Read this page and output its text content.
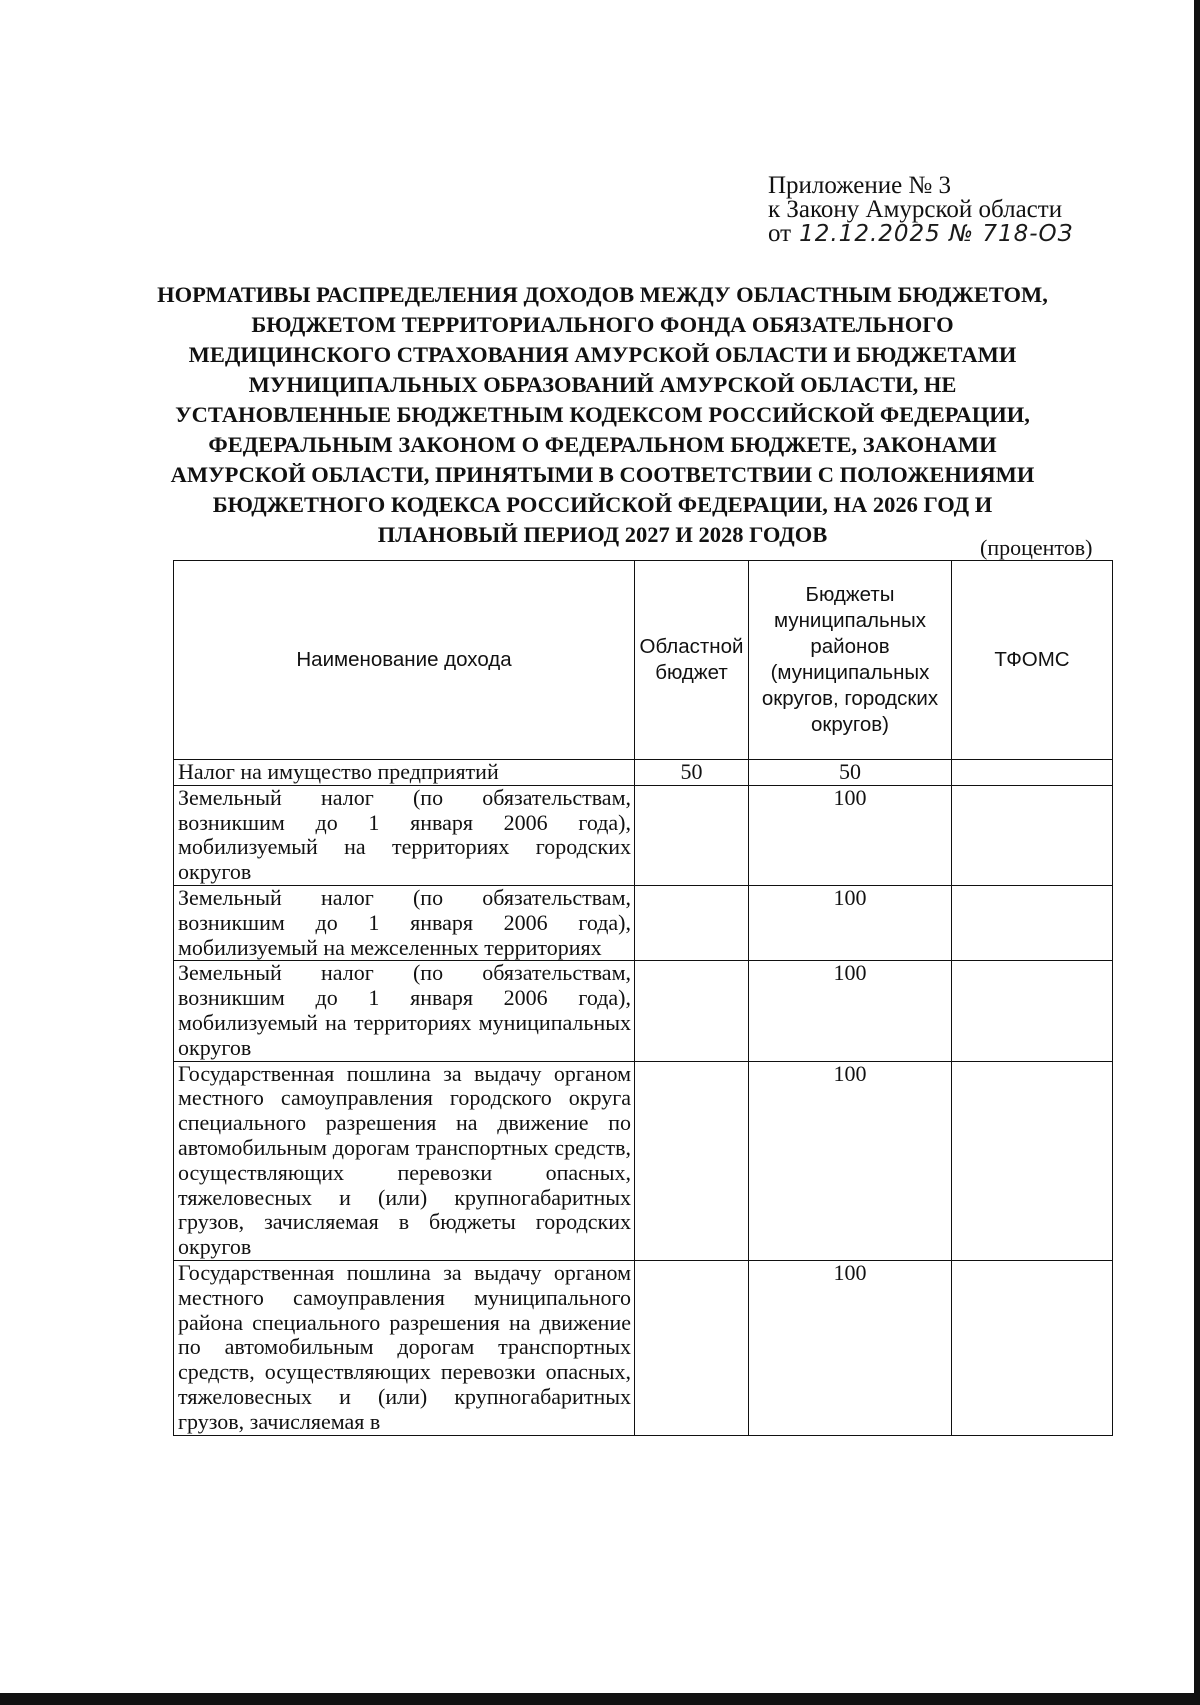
Приложение № 3
к Закону Амурской области
от 12.12.2025 № 718-ОЗ
НОРМАТИВЫ РАСПРЕДЕЛЕНИЯ ДОХОДОВ МЕЖДУ ОБЛАСТНЫМ БЮДЖЕТОМ, БЮДЖЕТОМ ТЕРРИТОРИАЛЬНОГО ФОНДА ОБЯЗАТЕЛЬНОГО МЕДИЦИНСКОГО СТРАХОВАНИЯ АМУРСКОЙ ОБЛАСТИ И БЮДЖЕТАМИ МУНИЦИПАЛЬНЫХ ОБРАЗОВАНИЙ АМУРСКОЙ ОБЛАСТИ, НЕ УСТАНОВЛЕННЫЕ БЮДЖЕТНЫМ КОДЕКСОМ РОССИЙСКОЙ ФЕДЕРАЦИИ, ФЕДЕРАЛЬНЫМ ЗАКОНОМ О ФЕДЕРАЛЬНОМ БЮДЖЕТЕ, ЗАКОНАМИ АМУРСКОЙ ОБЛАСТИ, ПРИНЯТЫМИ В СООТВЕТСТВИИ С ПОЛОЖЕНИЯМИ БЮДЖЕТНОГО КОДЕКСА РОССИЙСКОЙ ФЕДЕРАЦИИ, НА 2026 ГОД И ПЛАНОВЫЙ ПЕРИОД 2027 И 2028 ГОДОВ
(процентов)
Наименование дохода	Областной бюджет	Бюджеты муниципальных районов (муниципальных округов, городских округов)	ТФОМС
Налог на имущество предприятий	50	50	
Земельный налог (по обязательствам, возникшим до 1 января 2006 года), мобилизуемый на территориях городских округов		100	
Земельный налог (по обязательствам, возникшим до 1 января 2006 года), мобилизуемый на межселенных территориях		100	
Земельный налог (по обязательствам, возникшим до 1 января 2006 года), мобилизуемый на территориях муниципальных округов		100	
Государственная пошлина за выдачу органом местного самоуправления городского округа специального разрешения на движение по автомобильным дорогам транспортных средств, осуществляющих перевозки опасных, тяжеловесных и (или) крупногабаритных грузов, зачисляемая в бюджеты городских округов		100	
Государственная пошлина за выдачу органом местного самоуправления муниципального района специального разрешения на движение по автомобильным дорогам транспортных средств, осуществляющих перевозки опасных, тяжеловесных и (или) крупногабаритных грузов, зачисляемая в		100	
